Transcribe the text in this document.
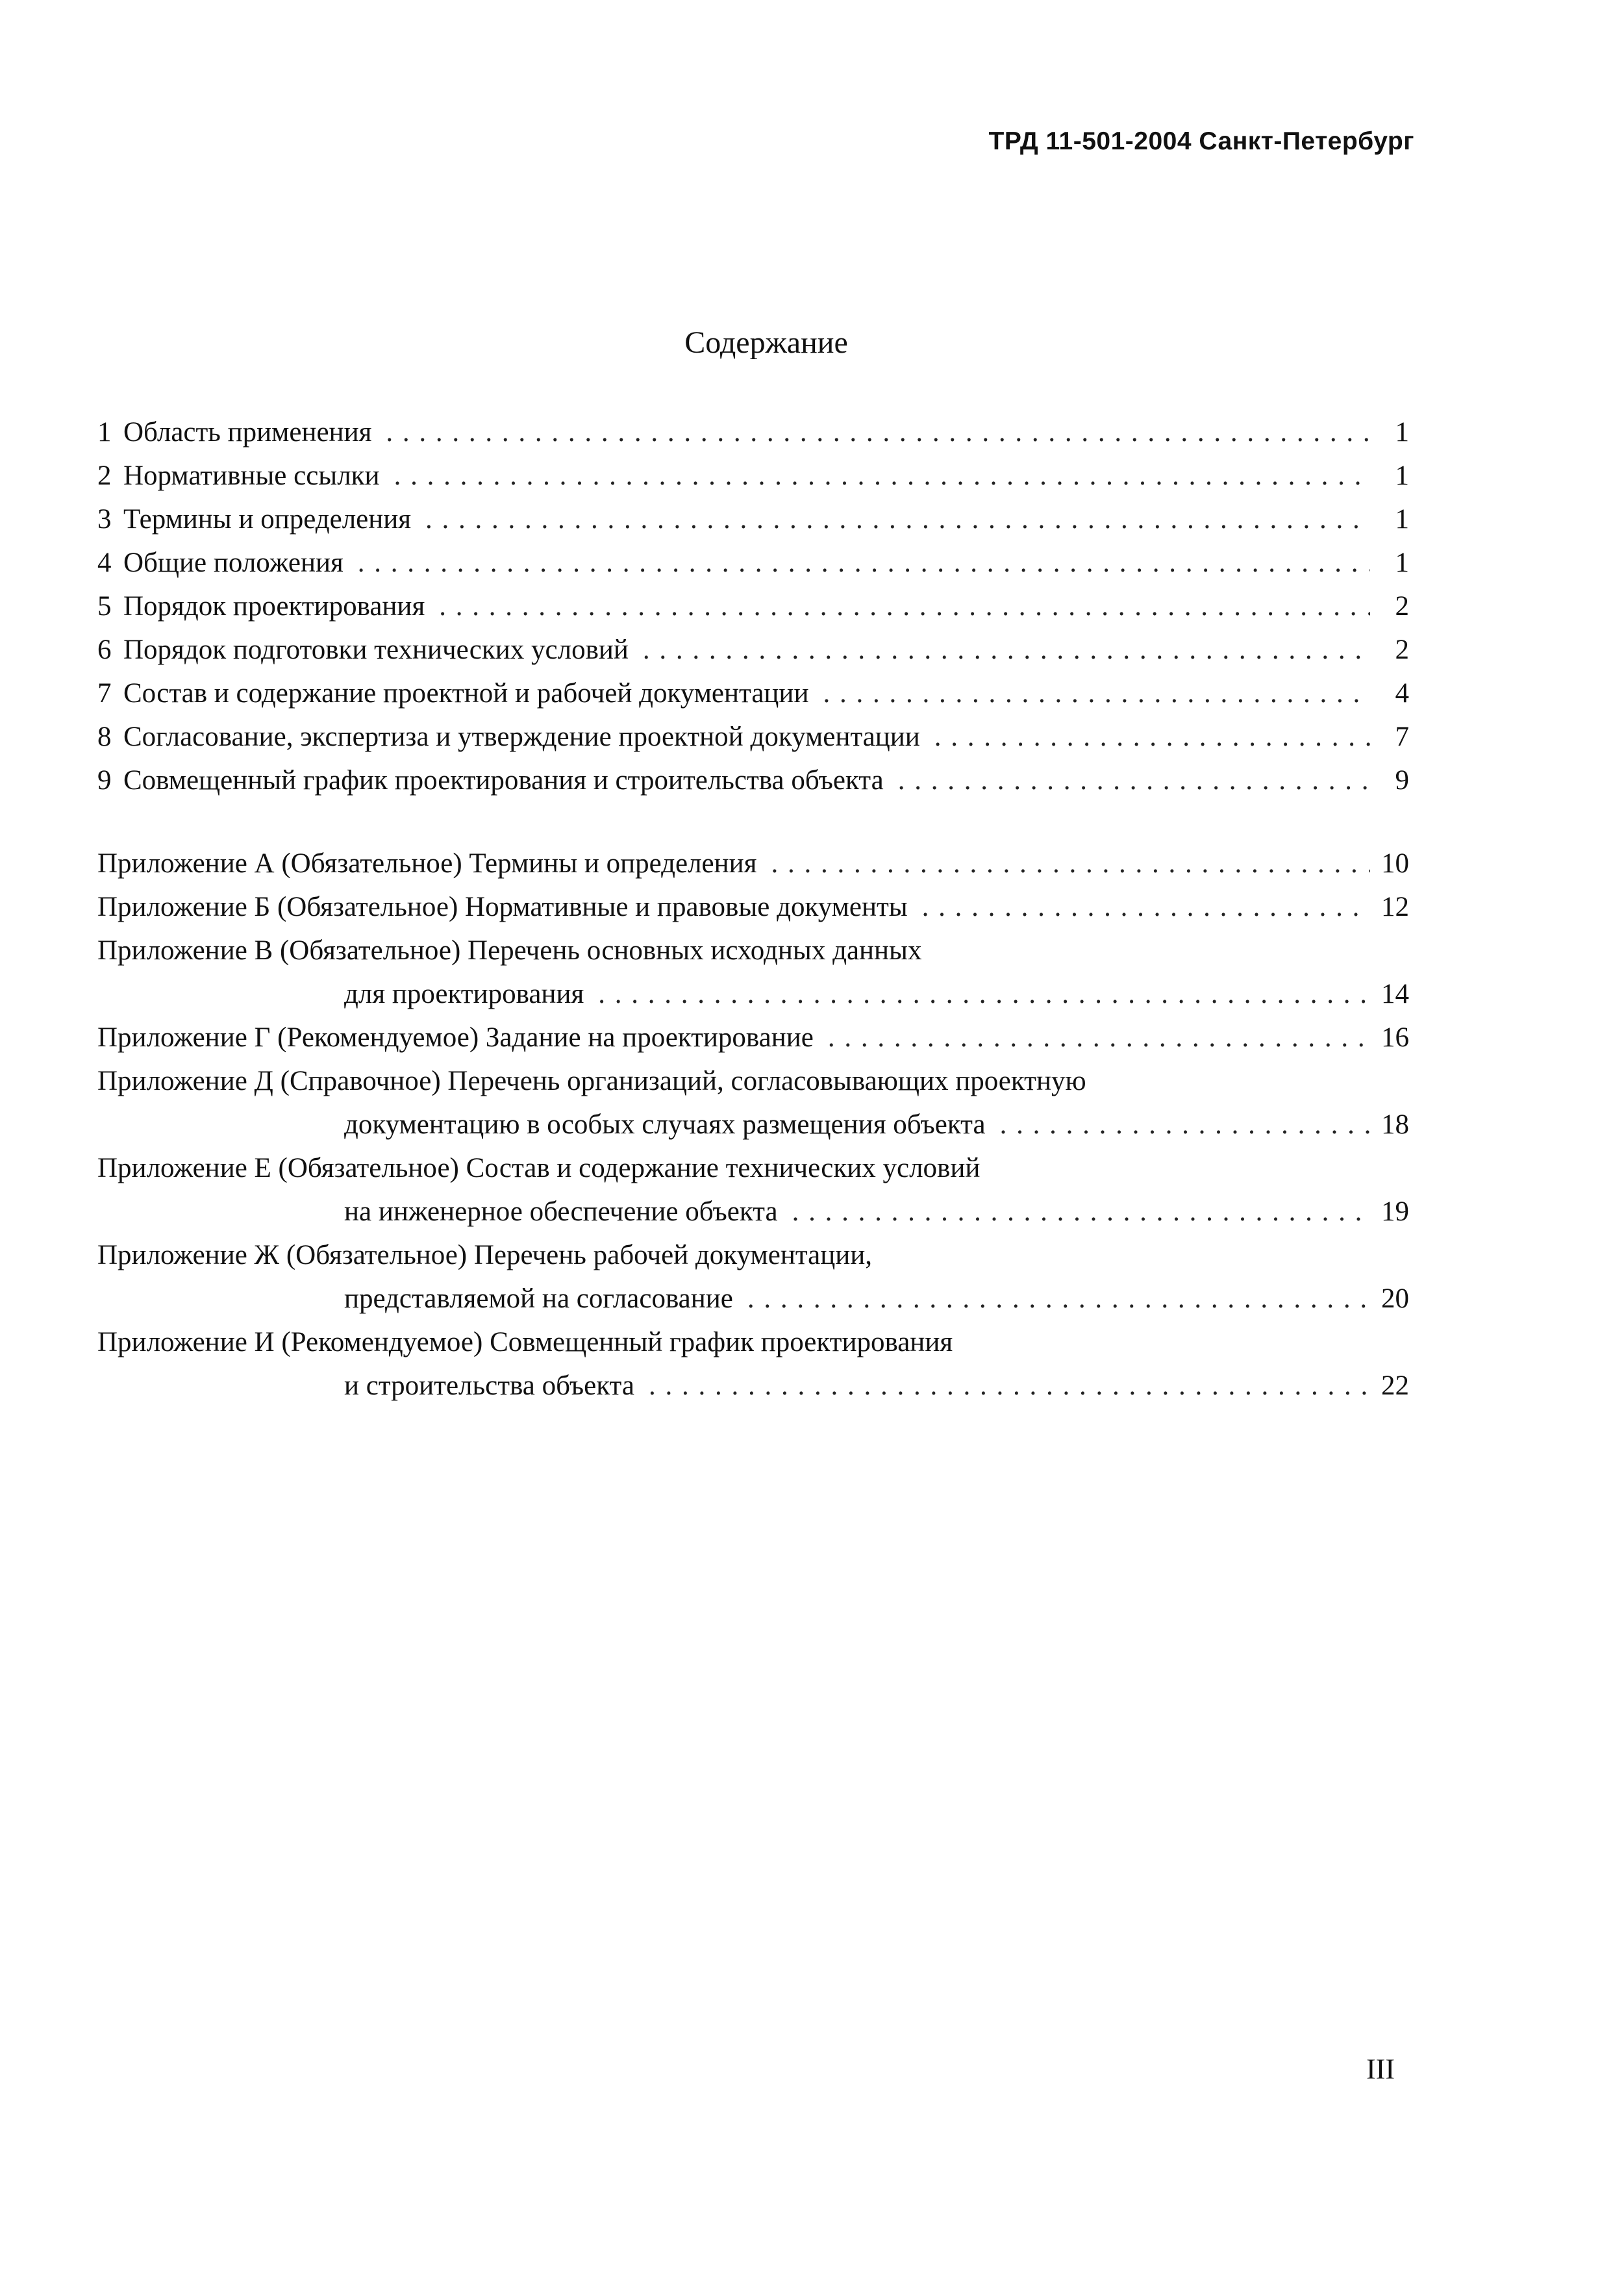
ТРД 11-501-2004 Санкт-Петербург
Содержание
1 Область применения . . .	1
2 Нормативные ссылки . . .	1
3 Термины и определения . . .	1
4 Общие положения . . .	1
5 Порядок проектирования . . .	2
6 Порядок подготовки технических условий . . .	2
7 Состав и содержание проектной и рабочей документации . . .	4
8 Согласование, экспертиза и утверждение проектной документации . . .	7
9 Совмещенный график проектирования и строительства объекта . . .	9
Приложение А (Обязательное) Термины и определения . . .	10
Приложение Б (Обязательное) Нормативные и правовые документы . . .	12
Приложение В (Обязательное) Перечень основных исходных данных
для проектирования . . .	14
Приложение Г (Рекомендуемое) Задание на проектирование . . .	16
Приложение Д (Справочное) Перечень организаций, согласовывающих проектную
документацию в особых случаях размещения объекта . . .	18
Приложение Е (Обязательное) Состав и содержание технических условий
на инженерное обеспечение объекта . . .	19
Приложение Ж (Обязательное) Перечень рабочей документации,
представляемой на согласование . . .	20
Приложение И (Рекомендуемое) Совмещенный график проектирования
и строительства объекта . . .	22
III
